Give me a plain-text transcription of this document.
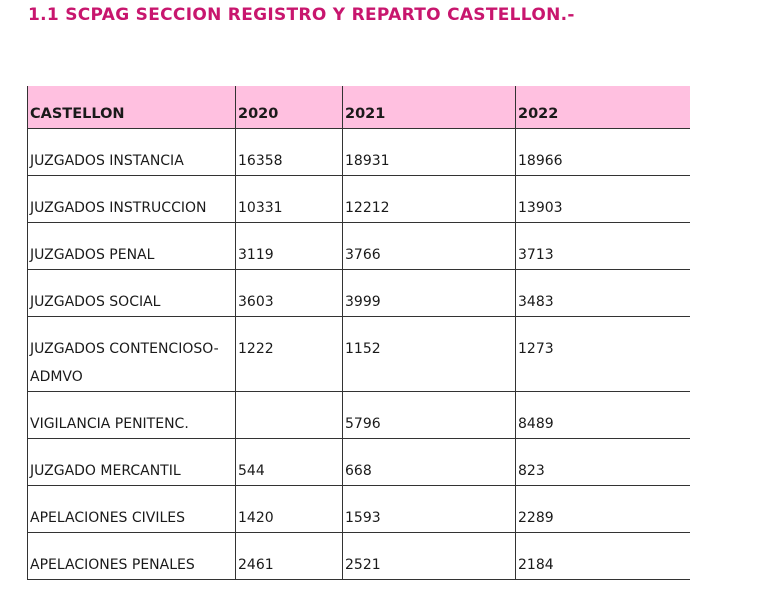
1.1 SCPAG SECCION REGISTRO Y REPARTO CASTELLON.-
CASTELLON	2020	2021	2022
JUZGADOS INSTANCIA	16358	18931	18966
JUZGADOS INSTRUCCION	10331	12212	13903
JUZGADOS PENAL	3119	3766	3713
JUZGADOS SOCIAL	3603	3999	3483
JUZGADOS CONTENCIOSO-ADMVO	1222	1152	1273
VIGILANCIA PENITENC.		5796	8489
JUZGADO MERCANTIL	544	668	823
APELACIONES CIVILES	1420	1593	2289
APELACIONES PENALES	2461	2521	2184
